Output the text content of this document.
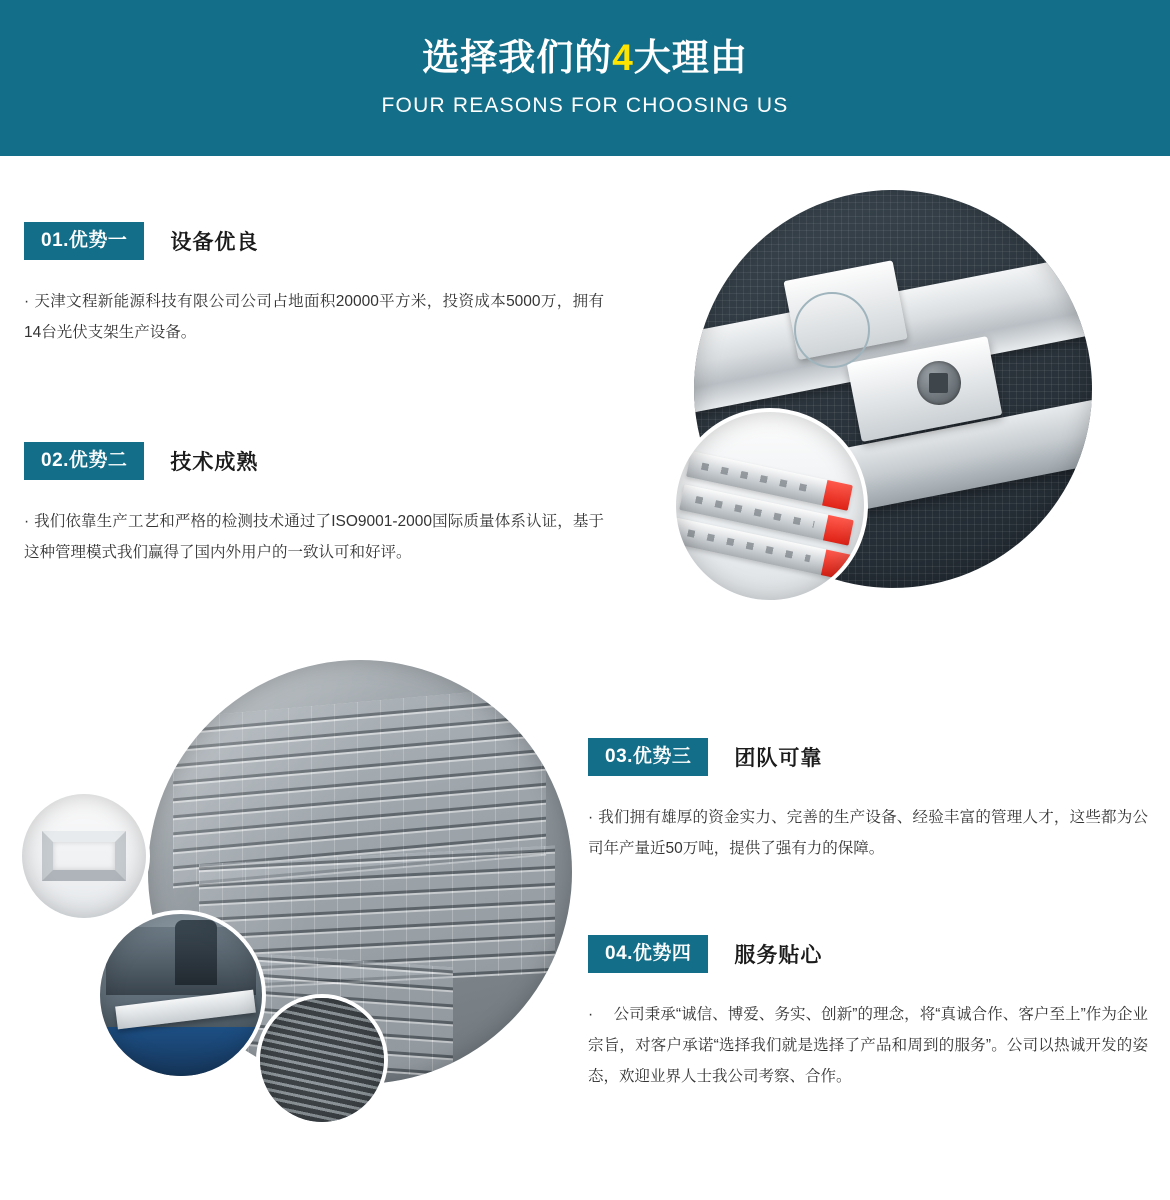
选择我们的4大理由
FOUR REASONS FOR CHOOSING US
01.优势一	设备优良
· 天津文程新能源科技有限公司公司占地面积20000平方米，投资成本5000万，拥有14台光伏支架生产设备。
02.优势二	技术成熟
· 我们依靠生产工艺和严格的检测技术通过了ISO9001-2000国际质量体系认证，基于这种管理模式我们赢得了国内外用户的一致认可和好评。
03.优势三	团队可靠
· 我们拥有雄厚的资金实力、完善的生产设备、经验丰富的管理人才，这些都为公司年产量近50万吨，提供了强有力的保障。
04.优势四	服务贴心
·　公司秉承“诚信、博爱、务实、创新”的理念，将“真诚合作、客户至上”作为企业宗旨，对客户承诺“选择我们就是选择了产品和周到的服务”。公司以热诚开发的姿态，欢迎业界人士我公司考察、合作。
